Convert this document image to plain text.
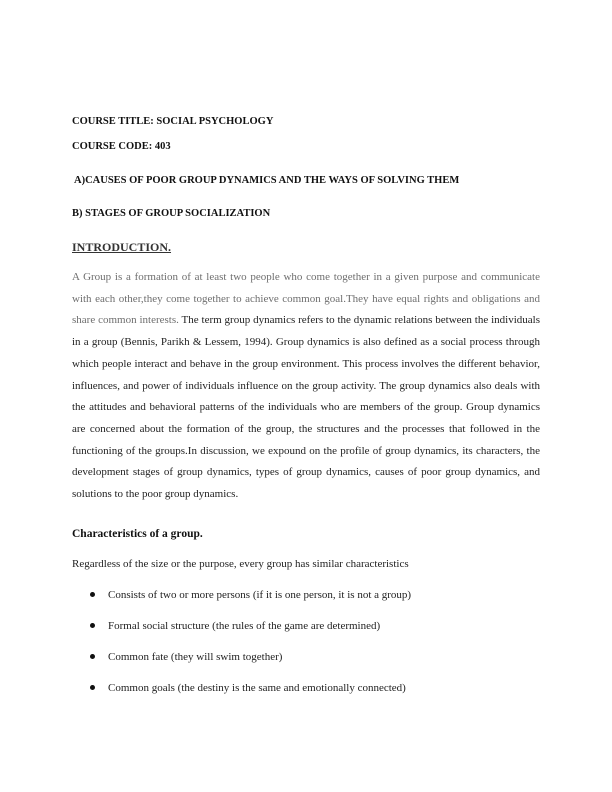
COURSE TITLE: SOCIAL PSYCHOLOGY
COURSE CODE: 403
A)CAUSES OF POOR GROUP DYNAMICS AND THE WAYS OF SOLVING THEM
B) STAGES OF GROUP SOCIALIZATION
INTRODUCTION.

A Group is a formation of at least two people who come together in a given purpose and communicate with each other,they come together to achieve common goal.They have equal rights and obligations and share common interests. The term group dynamics refers to the dynamic relations between the individuals in a group (Bennis, Parikh & Lessem, 1994). Group dynamics is also defined as a social process through which people interact and behave in the group environment. This process involves the different behavior, influences, and power of individuals influence on the group activity. The group dynamics also deals with the attitudes and behavioral patterns of the individuals who are members of the group. Group dynamics are concerned about the formation of the group, the structures and the processes that followed in the functioning of the groups.In discussion, we expound on the profile of group dynamics, its characters, the development stages of group dynamics, types of group dynamics, causes of poor group dynamics, and solutions to the poor group dynamics.

Characteristics of a group.
Regardless of the size or the purpose, every group has similar characteristics
Consists of two or more persons (if it is one person, it is not a group)
Formal social structure (the rules of the game are determined)
Common fate (they will swim together)
Common goals (the destiny is the same and emotionally connected)
